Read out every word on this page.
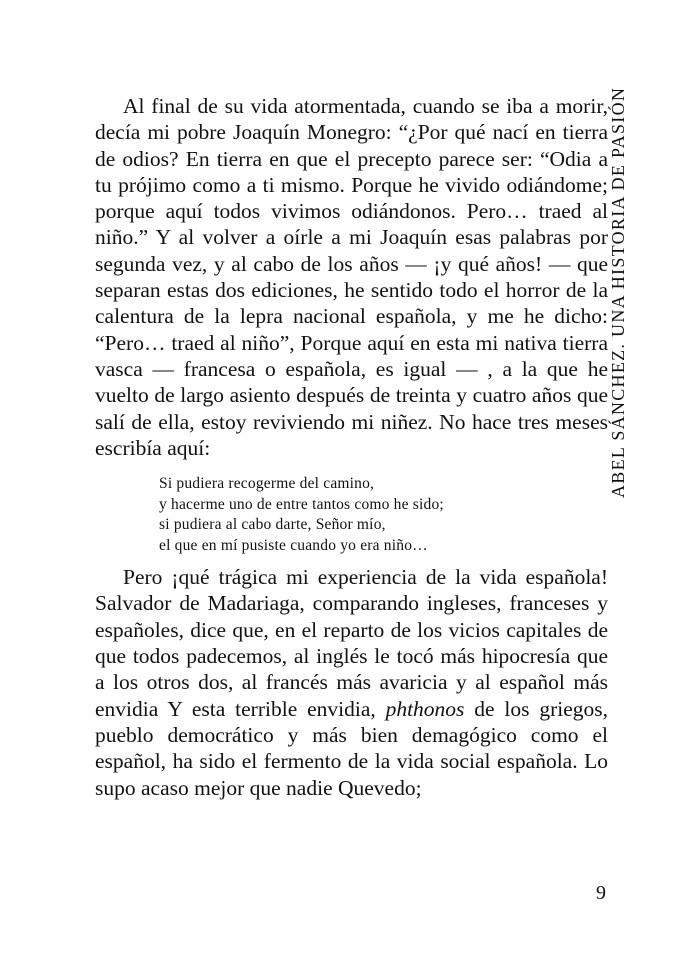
Al final de su vida atormentada, cuando se iba a morir, decía mi pobre Joaquín Monegro: “¿Por qué nací en tierra de odios? En tierra en que el precepto parece ser: “Odia a tu prójimo como a ti mismo. Porque he vivido odiándome; porque aquí todos vivimos odiándonos. Pero… traed al niño.” Y al volver a oírle a mi Joaquín esas palabras por segunda vez, y al cabo de los años — ¡y qué años! — que separan estas dos ediciones, he sentido todo el horror de la calentura de la lepra nacional española, y me he dicho: “Pero… traed al niño”, Porque aquí en esta mi nativa tierra vasca — francesa o española, es igual — , a la que he vuelto de largo asiento después de treinta y cuatro años que salí de ella, estoy reviviendo mi niñez. No hace tres meses escribía aquí:

Si pudiera recogerme del camino,
y hacerme uno de entre tantos como he sido;
si pudiera al cabo darte, Señor mío,
el que en mí pusiste cuando yo era niño…

Pero ¡qué trágica mi experiencia de la vida española! Salvador de Madariaga, comparando ingleses, franceses y españoles, dice que, en el reparto de los vicios capitales de que todos padecemos, al inglés le tocó más hipocresía que a los otros dos, al francés más avaricia y al español más envidia Y esta terrible envidia, phthonos de los griegos, pueblo democrático y más bien demagógico como el español, ha sido el fermento de la vida social española. Lo supo acaso mejor que nadie Quevedo;

ABEL SÁNCHEZ. UNA HISTORIA DE PASIÓN
9
